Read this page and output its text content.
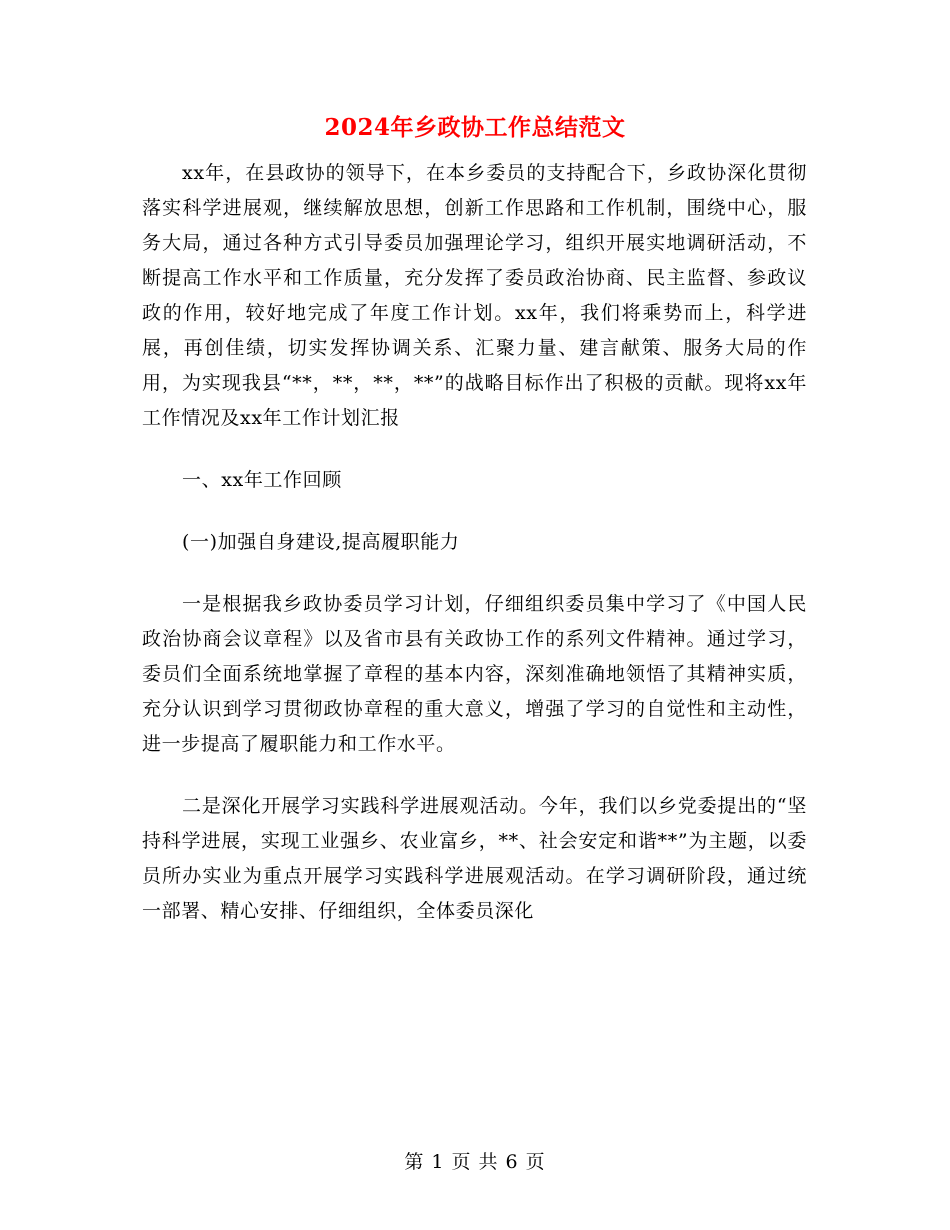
2024年乡政协工作总结范文

xx年，在县政协的领导下，在本乡委员的支持配合下，乡政协深化贯彻落实科学进展观，继续解放思想，创新工作思路和工作机制，围绕中心，服务大局，通过各种方式引导委员加强理论学习，组织开展实地调研活动，不断提高工作水平和工作质量，充分发挥了委员政治协商、民主监督、参政议政的作用，较好地完成了年度工作计划。xx年，我们将乘势而上，科学进展，再创佳绩，切实发挥协调关系、汇聚力量、建言献策、服务大局的作用，为实现我县“**，**，**，**”的战略目标作出了积极的贡献。现将xx年工作情况及xx年工作计划汇报

一、xx年工作回顾

(一)加强自身建设,提高履职能力

一是根据我乡政协委员学习计划，仔细组织委员集中学习了《中国人民政治协商会议章程》以及省市县有关政协工作的系列文件精神。通过学习，委员们全面系统地掌握了章程的基本内容，深刻准确地领悟了其精神实质，充分认识到学习贯彻政协章程的重大意义，增强了学习的自觉性和主动性，进一步提高了履职能力和工作水平。

二是深化开展学习实践科学进展观活动。今年，我们以乡党委提出的“坚持科学进展，实现工业强乡、农业富乡，**、社会安定和谐**”为主题，以委员所办实业为重点开展学习实践科学进展观活动。在学习调研阶段，通过统一部署、精心安排、仔细组织，全体委员深化

第 1 页 共 6 页
